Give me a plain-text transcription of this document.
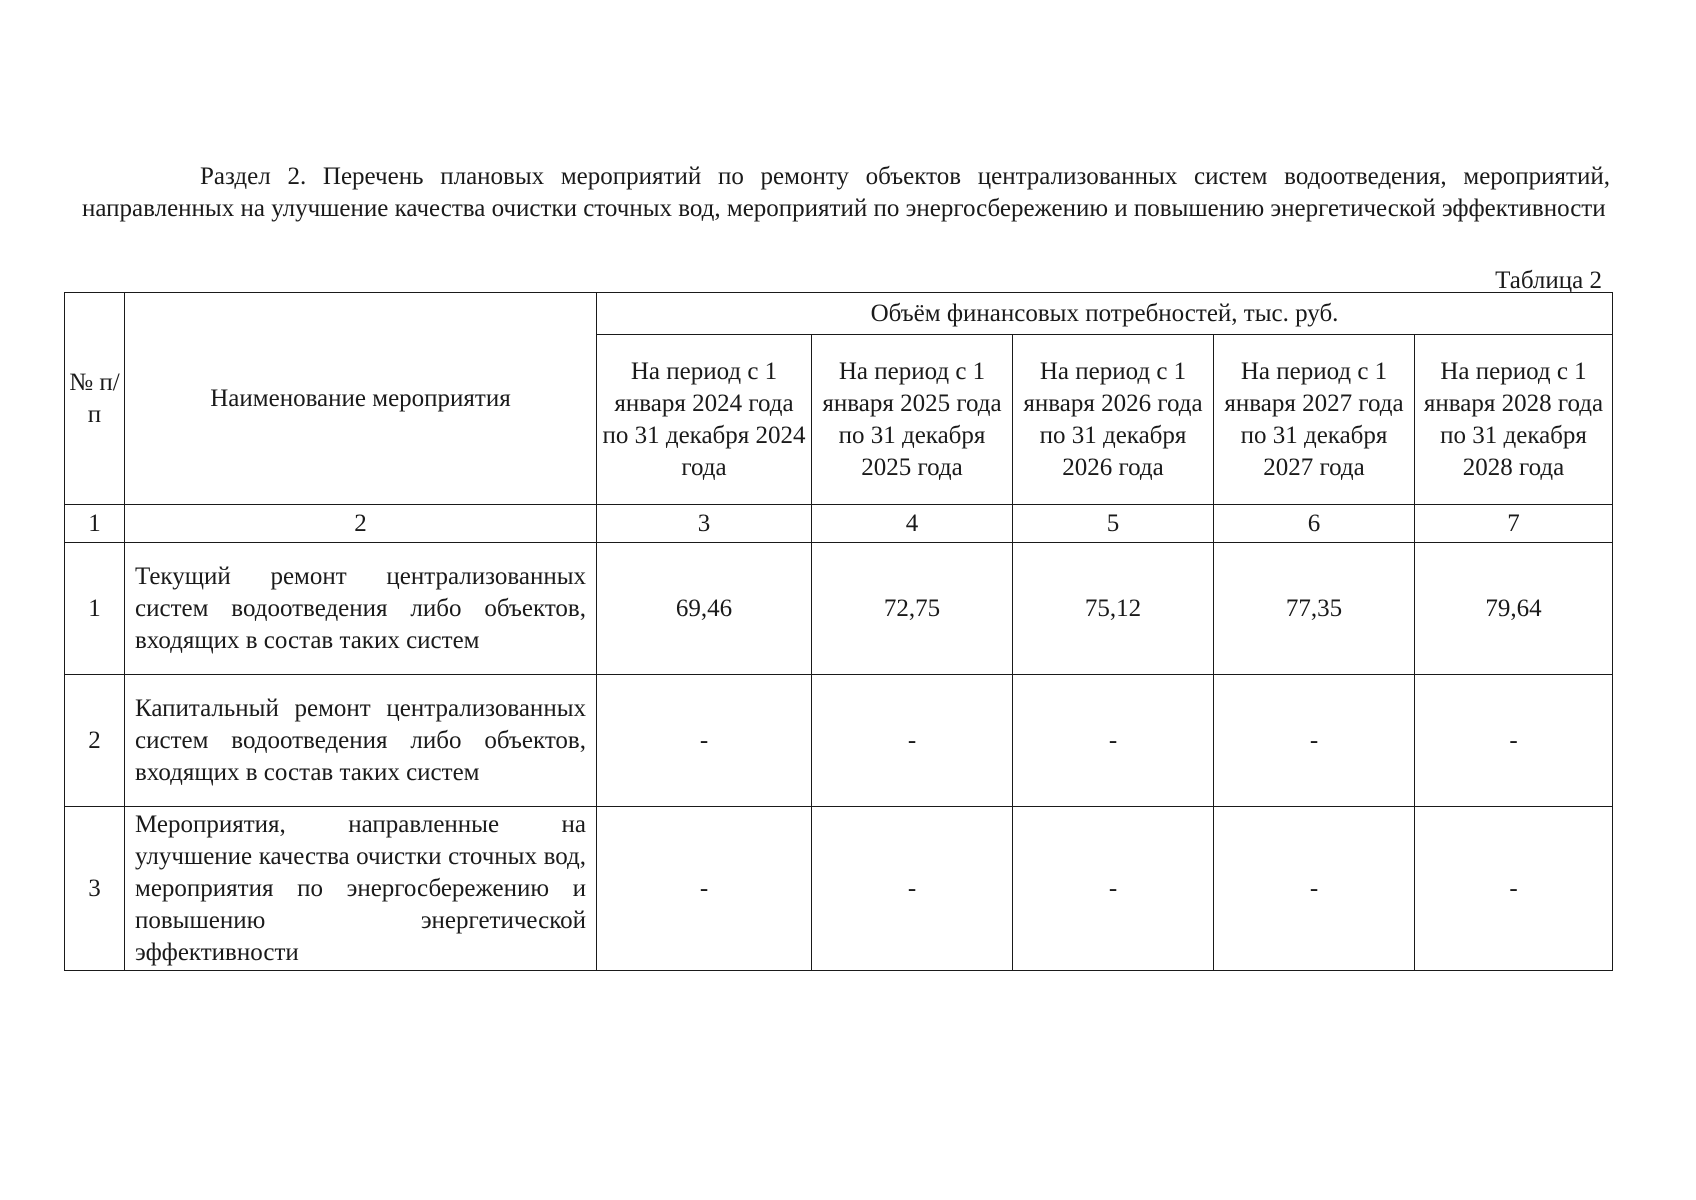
Раздел 2. Перечень плановых мероприятий по ремонту объектов централизованных систем водоотведения, мероприятий, направленных на улучшение качества очистки сточных вод, мероприятий по энергосбережению и повышению энергетической эффективности
Таблица 2
№ п/п	Наименование мероприятия	Объём финансовых потребностей, тыс. руб.				
		На период с 1 января 2024 года по 31 декабря 2024 года	На период с 1 января 2025 года по 31 декабря 2025 года	На период с 1 января 2026 года по 31 декабря 2026 года	На период с 1 января 2027 года по 31 декабря 2027 года	На период с 1 января 2028 года по 31 декабря 2028 года
1	2	3	4	5	6	7
1	Текущий ремонт централизованных систем водоотведения либо объектов, входящих в состав таких систем	69,46	72,75	75,12	77,35	79,64
2	Капитальный ремонт централизованных систем водоотведения либо объектов, входящих в состав таких систем	-	-	-	-	-
3	Мероприятия, направленные на улучшение качества очистки сточных вод, мероприятия по энергосбережению и повышению энергетической эффективности	-	-	-	-	-
